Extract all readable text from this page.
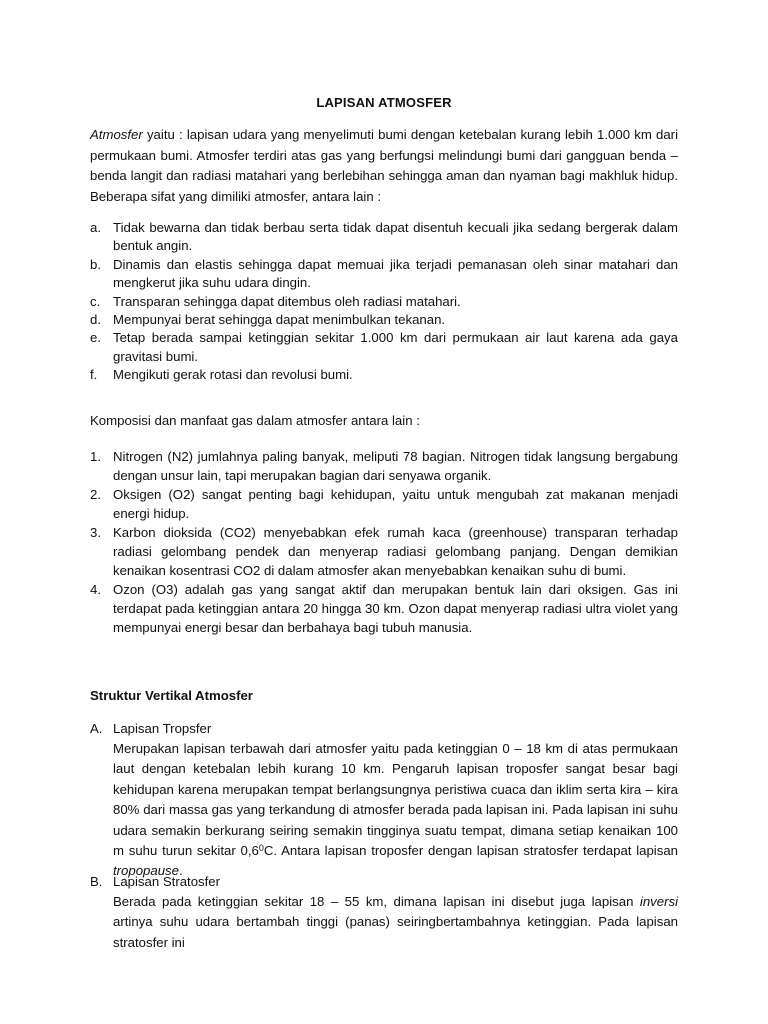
LAPISAN ATMOSFER
Atmosfer yaitu : lapisan udara yang menyelimuti bumi dengan ketebalan kurang lebih 1.000 km dari permukaan bumi. Atmosfer terdiri atas gas yang berfungsi melindungi bumi dari gangguan benda – benda langit dan radiasi matahari yang berlebihan sehingga aman dan nyaman bagi makhluk hidup. Beberapa sifat yang dimiliki atmosfer, antara lain :
a. Tidak bewarna dan tidak berbau serta tidak dapat disentuh kecuali jika sedang bergerak dalam bentuk angin.
b. Dinamis dan elastis sehingga dapat memuai jika terjadi pemanasan oleh sinar matahari dan mengkerut jika suhu udara dingin.
c. Transparan sehingga dapat ditembus oleh radiasi matahari.
d. Mempunyai berat sehingga dapat menimbulkan tekanan.
e. Tetap berada sampai ketinggian sekitar 1.000 km dari permukaan air laut karena ada gaya gravitasi bumi.
f.	Mengikuti gerak rotasi dan revolusi bumi.
Komposisi dan manfaat gas dalam atmosfer antara lain :
1. Nitrogen (N2) jumlahnya paling banyak, meliputi 78 bagian. Nitrogen tidak langsung bergabung dengan unsur lain, tapi merupakan bagian dari senyawa organik.
2. Oksigen (O2) sangat penting bagi kehidupan, yaitu untuk mengubah zat makanan menjadi energi hidup.
3. Karbon dioksida (CO2) menyebabkan efek rumah kaca (greenhouse) transparan terhadap radiasi gelombang pendek dan menyerap radiasi gelombang panjang. Dengan demikian kenaikan kosentrasi CO2 di dalam atmosfer akan menyebabkan kenaikan suhu di bumi.
4. Ozon (O3) adalah gas yang sangat aktif dan merupakan bentuk lain dari oksigen. Gas ini terdapat pada ketinggian antara 20 hingga 30 km. Ozon dapat menyerap radiasi ultra violet yang mempunyai energi besar dan berbahaya bagi tubuh manusia.
Struktur Vertikal Atmosfer
A. Lapisan Tropsfer
Merupakan lapisan terbawah dari atmosfer yaitu pada ketinggian 0 – 18 km di atas permukaan laut dengan ketebalan lebih kurang 10 km. Pengaruh lapisan troposfer sangat besar bagi kehidupan karena merupakan tempat berlangsungnya peristiwa cuaca dan iklim serta kira – kira 80% dari massa gas yang terkandung di atmosfer berada pada lapisan ini. Pada lapisan ini suhu udara semakin berkurang seiring semakin tingginya suatu tempat, dimana setiap kenaikan 100 m suhu turun sekitar $0,6^0C$. Antara lapisan troposfer dengan lapisan stratosfer terdapat lapisan tropopause.
B. Lapisan Stratosfer
Berada pada ketinggian sekitar 18 – 55 km, dimana lapisan ini disebut juga lapisan inversi artinya suhu udara bertambah tinggi (panas) seiringbertambahnya ketinggian. Pada lapisan stratosfer ini
